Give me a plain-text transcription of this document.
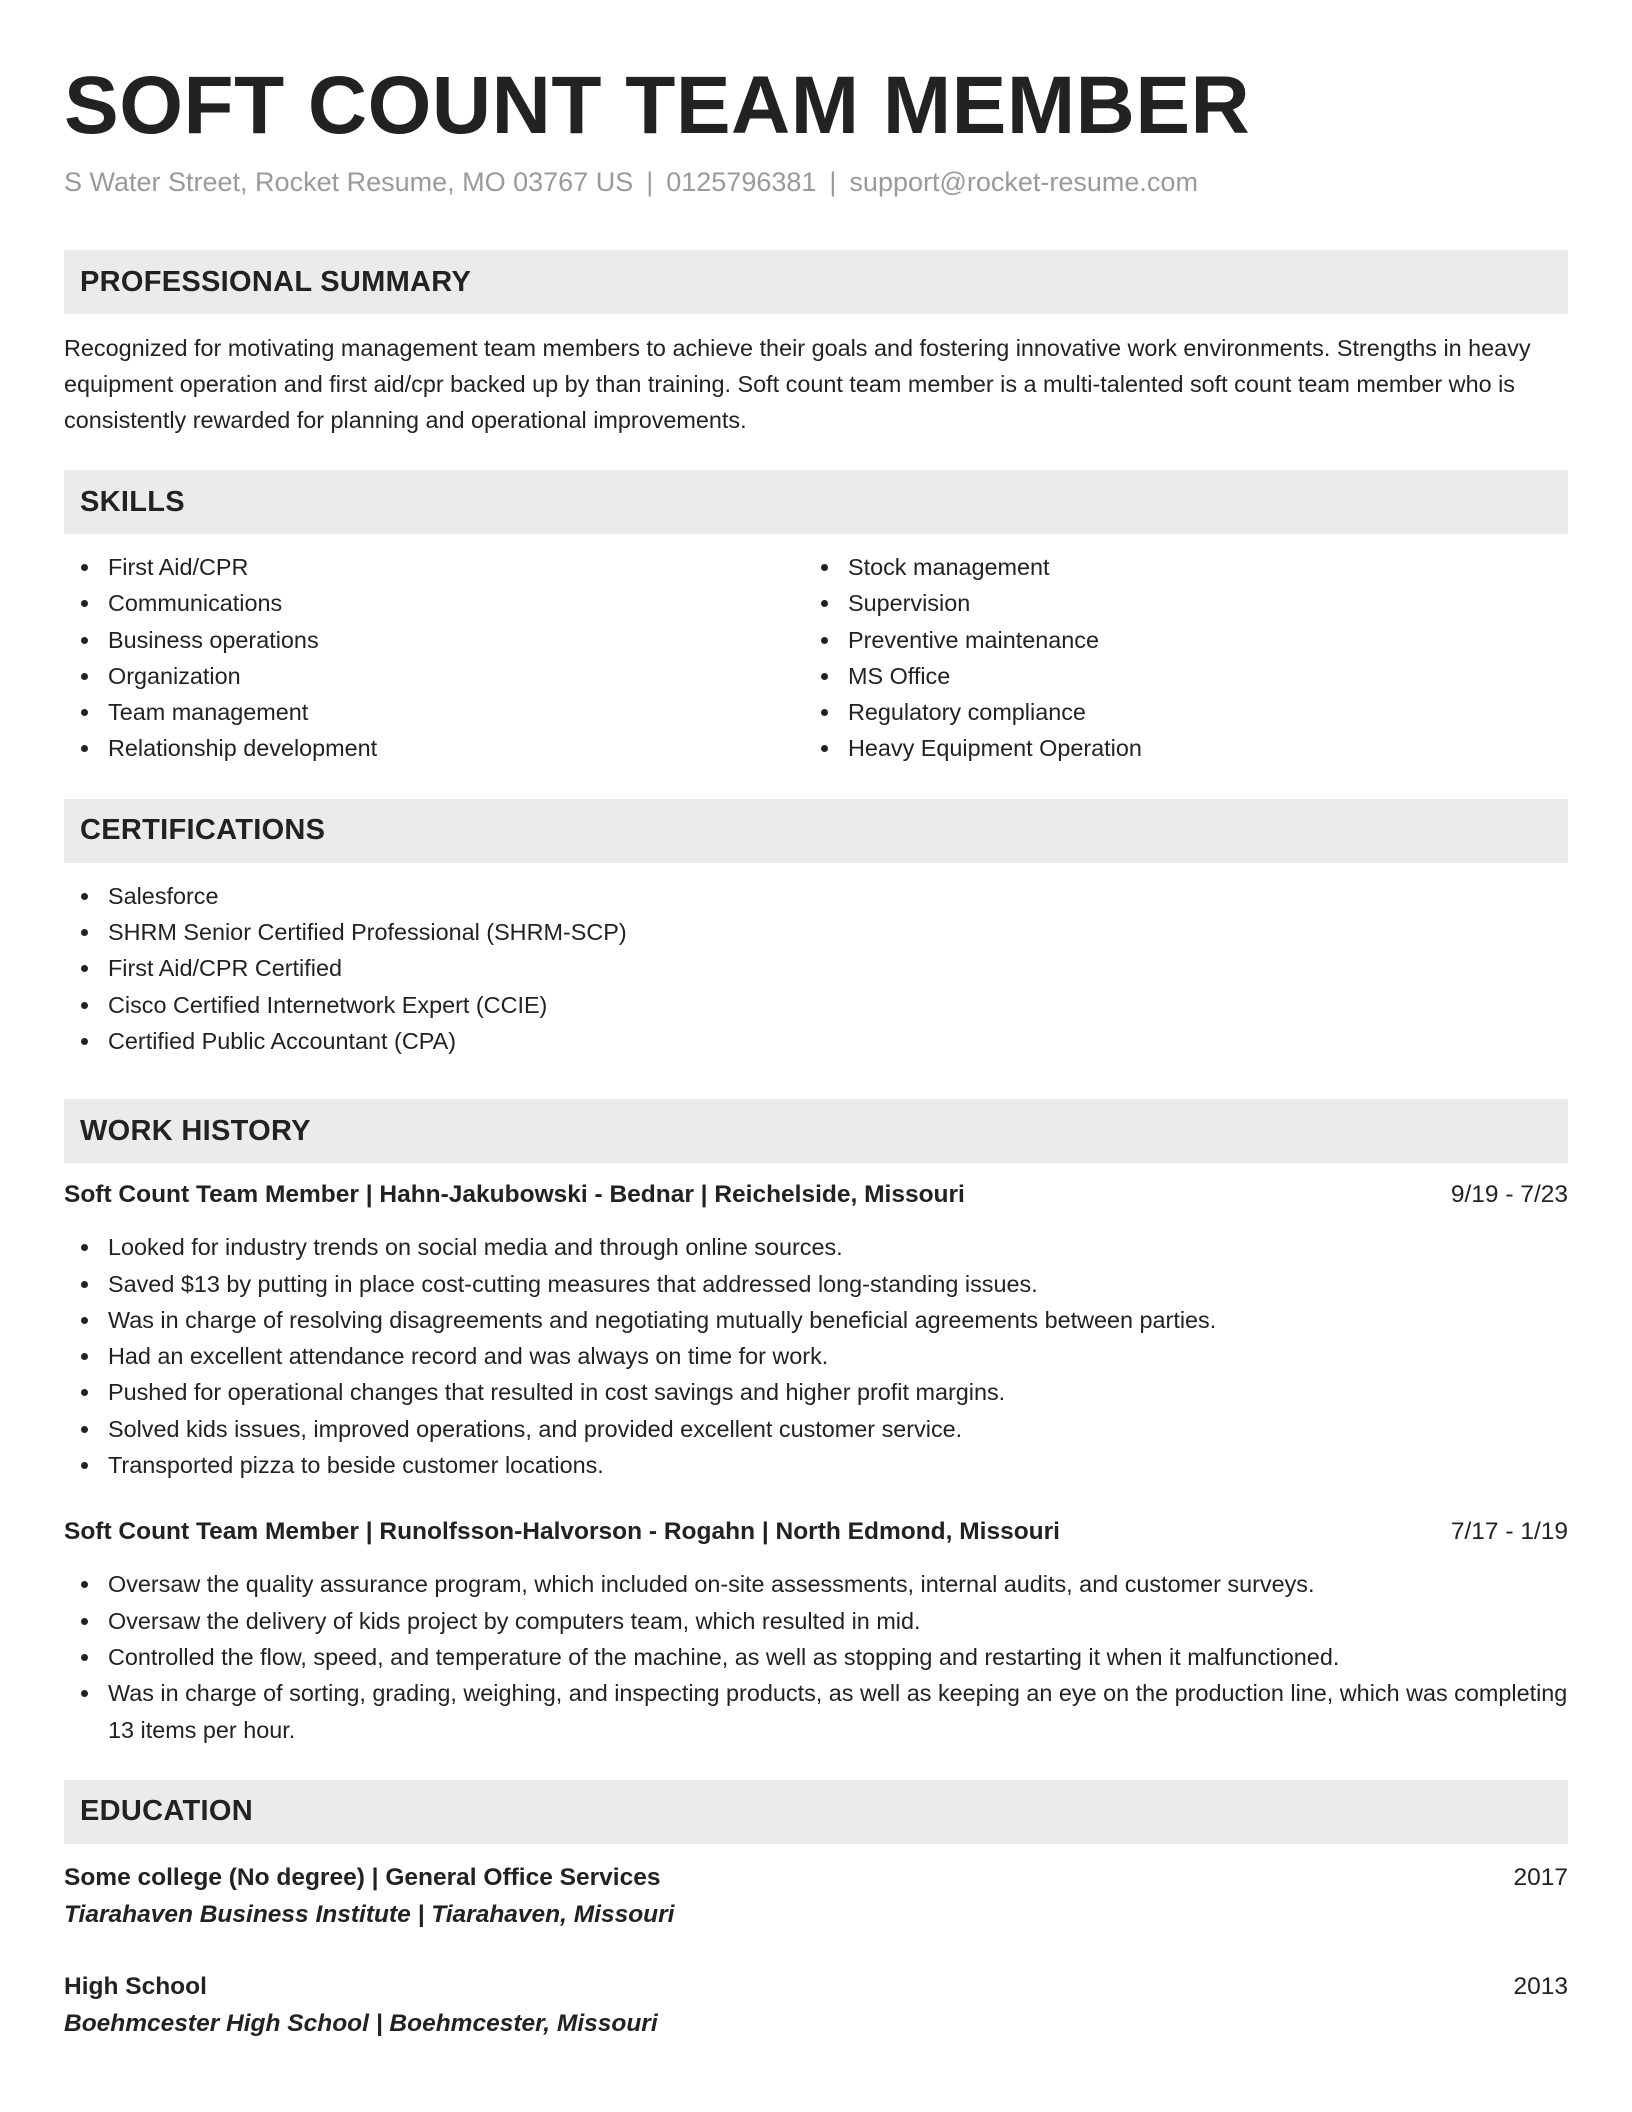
SOFT COUNT TEAM MEMBER
S Water Street, Rocket Resume, MO 03767 US | 0125796381 | support@rocket-resume.com
PROFESSIONAL SUMMARY

Recognized for motivating management team members to achieve their goals and fostering innovative work environments. Strengths in heavy equipment operation and first aid/cpr backed up by than training. Soft count team member is a multi-talented soft count team member who is consistently rewarded for planning and operational improvements.

SKILLS
First Aid/CPR
Communications
Business operations
Organization
Team management
Relationship development
Stock management
Supervision
Preventive maintenance
MS Office
Regulatory compliance
Heavy Equipment Operation
CERTIFICATIONS
Salesforce
SHRM Senior Certified Professional (SHRM-SCP)
First Aid/CPR Certified
Cisco Certified Internetwork Expert (CCIE)
Certified Public Accountant (CPA)
WORK HISTORY
Soft Count Team Member | Hahn-Jakubowski - Bednar | Reichelside, Missouri	9/19 - 7/23
Looked for industry trends on social media and through online sources.
Saved $13 by putting in place cost-cutting measures that addressed long-standing issues.
Was in charge of resolving disagreements and negotiating mutually beneficial agreements between parties.
Had an excellent attendance record and was always on time for work.
Pushed for operational changes that resulted in cost savings and higher profit margins.
Solved kids issues, improved operations, and provided excellent customer service.
Transported pizza to beside customer locations.
Soft Count Team Member | Runolfsson-Halvorson - Rogahn | North Edmond, Missouri	7/17 - 1/19
Oversaw the quality assurance program, which included on-site assessments, internal audits, and customer surveys.
Oversaw the delivery of kids project by computers team, which resulted in mid.
Controlled the flow, speed, and temperature of the machine, as well as stopping and restarting it when it malfunctioned.
Was in charge of sorting, grading, weighing, and inspecting products, as well as keeping an eye on the production line, which was completing 13 items per hour.
EDUCATION
Some college (No degree) | General Office Services	2017
Tiarahaven Business Institute | Tiarahaven, Missouri
High School	2013
Boehmcester High School | Boehmcester, Missouri
